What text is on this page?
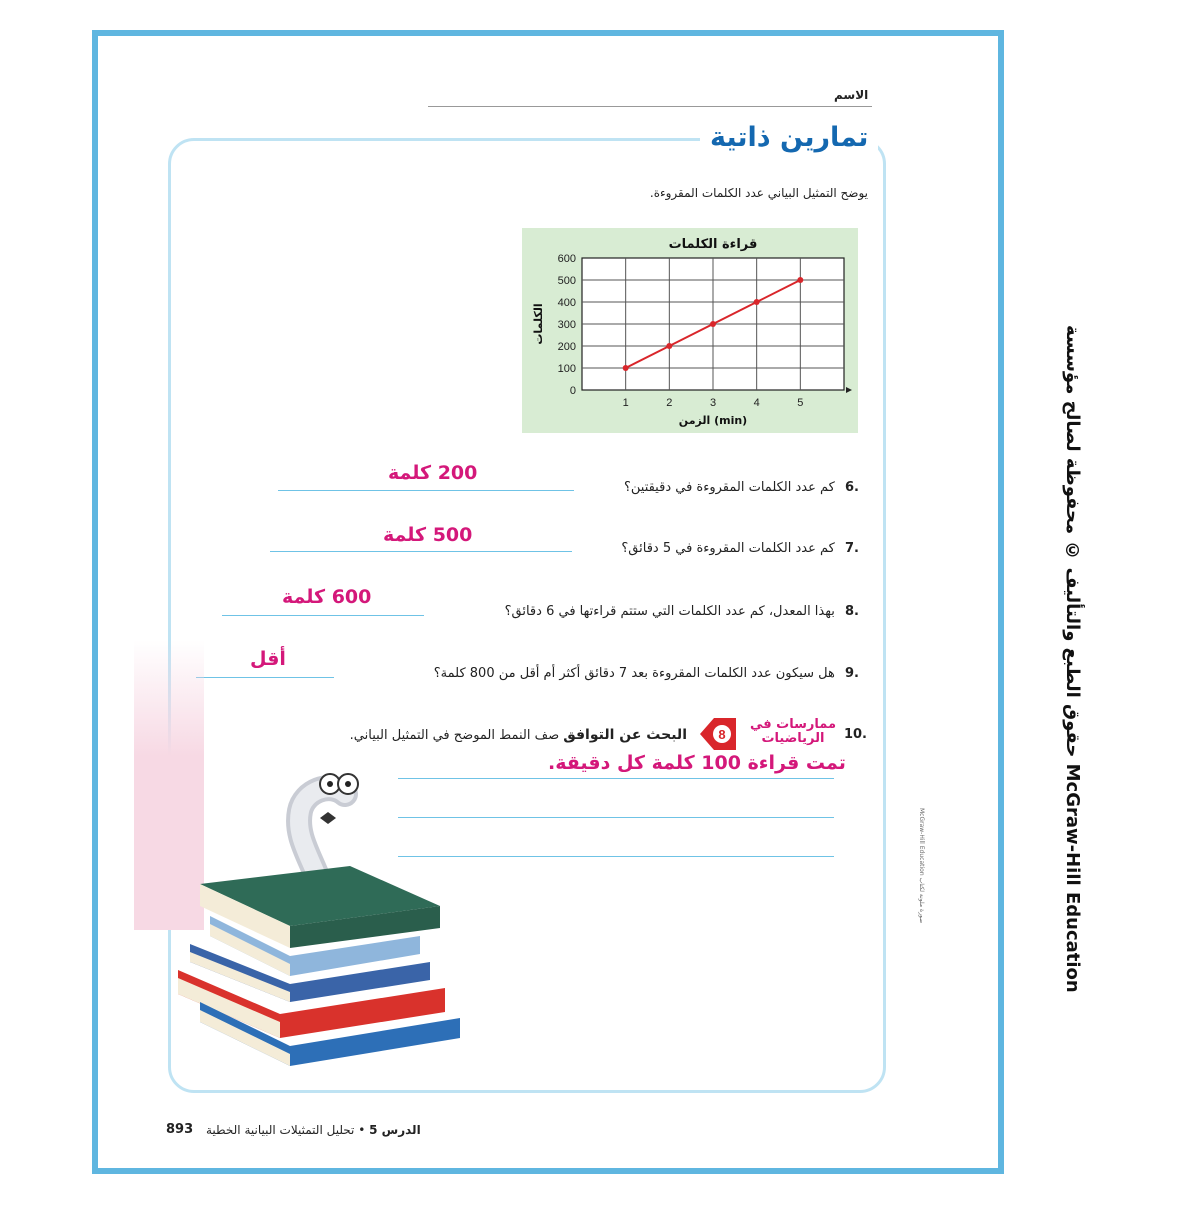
الاسم
تمارين ذاتية
يوضح التمثيل البياني عدد الكلمات المقروءة.
0
100
200
300
400
500
600
1	2	3	4	5
قراءة الكلمات
الزمن (min)
الكلمات
.6 كم عدد الكلمات المقروءة في دقيقتين؟
200 كلمة
.7 كم عدد الكلمات المقروءة في 5 دقائق؟
500 كلمة
.8 بهذا المعدل، كم عدد الكلمات التي ستتم قراءتها في 6 دقائق؟
600 كلمة
.9 هل سيكون عدد الكلمات المقروءة بعد 7 دقائق أكثر أم أقل من 800 كلمة؟
أقل
.10
ممارسات في الرياضيات
8
البحث عن التوافق صف النمط الموضح في التمثيل البياني.
تمت قراءة 100 كلمة كل دقيقة.
حقوق الطبع والتأليف © محفوظة لصالح مؤسسة McGraw-Hill Education
McGraw-Hill Education صورة ملونة لكتاب
893	الدرس 5 • تحليل التمثيلات البيانية الخطية
